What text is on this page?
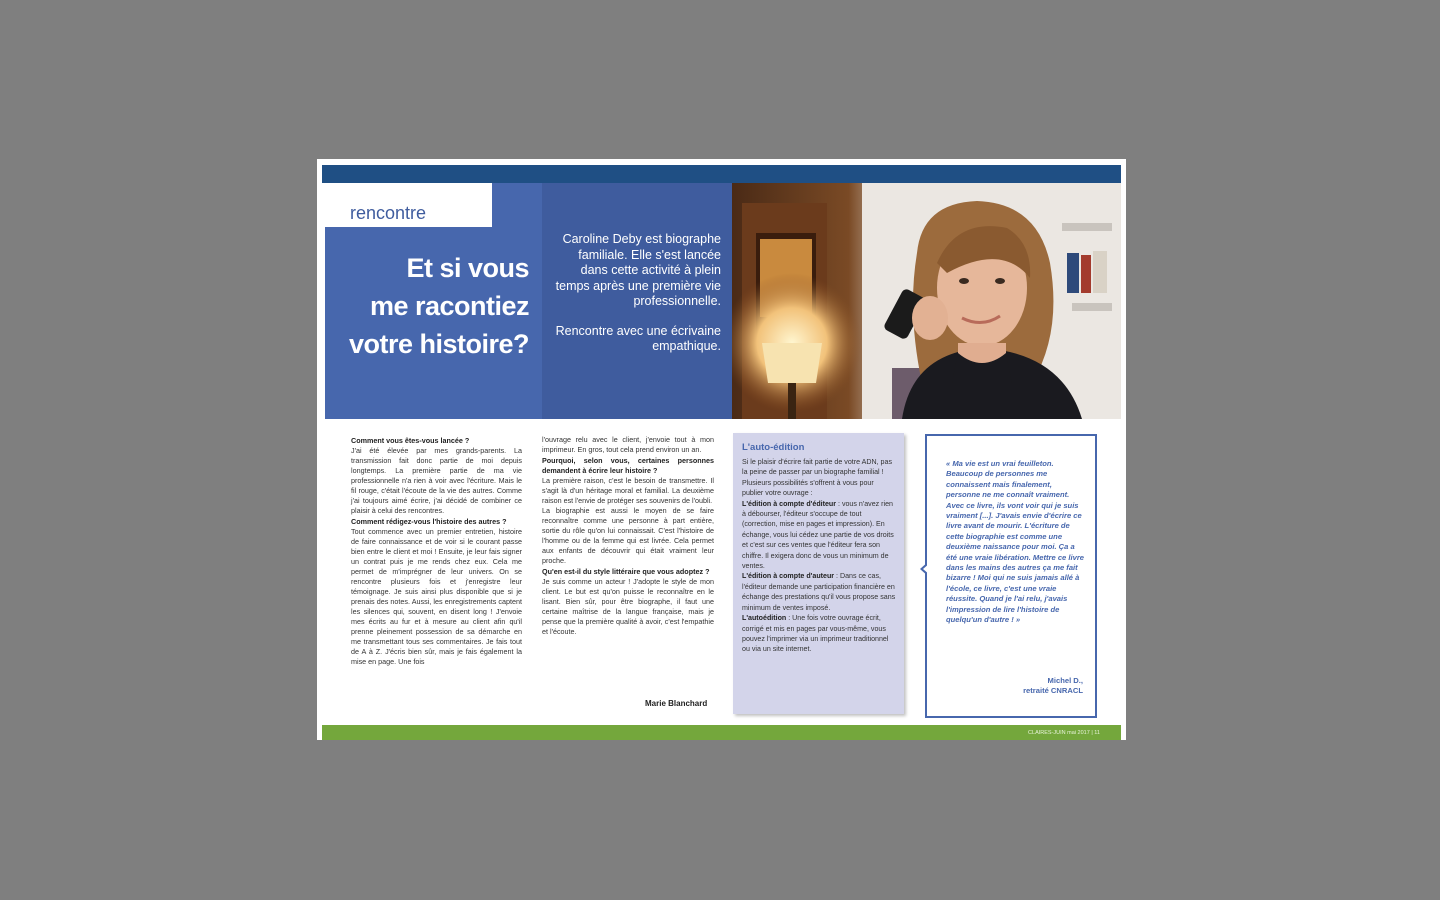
rencontre
Et si vous
me racontiez
votre histoire?

Caroline Deby est biographe familiale. Elle s'est lancée dans cette activité à plein temps après une première vie professionnelle.

Rencontre avec une écrivaine empathique.

Comment vous êtes-vous lancée ?

J'ai été élevée par mes grands-parents. La transmission fait donc partie de moi depuis longtemps. La première partie de ma vie professionnelle n'a rien à voir avec l'écriture. Mais le fil rouge, c'était l'écoute de la vie des autres. Comme j'ai toujours aimé écrire, j'ai décidé de combiner ce plaisir à celui des rencontres.

Comment rédigez-vous l'histoire des autres ?

Tout commence avec un premier entretien, histoire de faire connaissance et de voir si le courant passe bien entre le client et moi ! Ensuite, je leur fais signer un contrat puis je me rends chez eux. Cela me permet de m'imprégner de leur univers. On se rencontre plusieurs fois et j'enregistre leur témoignage. Je suis ainsi plus disponible que si je prenais des notes. Aussi, les enregistrements captent les silences qui, souvent, en disent long ! J'envoie mes écrits au fur et à mesure au client afin qu'il prenne pleinement possession de sa démarche en me transmettant tous ses commentaires. Je fais tout de A à Z. J'écris bien sûr, mais je fais également la mise en page. Une fois

l'ouvrage relu avec le client, j'envoie tout à mon imprimeur. En gros, tout cela prend environ un an.

Pourquoi, selon vous, certaines personnes demandent à écrire leur histoire ?

La première raison, c'est le besoin de transmettre. Il s'agit là d'un héritage moral et familial. La deuxième raison est l'envie de protéger ses souvenirs de l'oubli.

La biographie est aussi le moyen de se faire reconnaître comme une personne à part entière, sortie du rôle qu'on lui connaissait. C'est l'histoire de l'homme ou de la femme qui est livrée. Cela permet aux enfants de découvrir qui était vraiment leur proche.

Qu'en est-il du style littéraire que vous adoptez ?

Je suis comme un acteur ! J'adopte le style de mon client. Le but est qu'on puisse le reconnaître en le lisant. Bien sûr, pour être biographe, il faut une certaine maîtrise de la langue française, mais je pense que la première qualité à avoir, c'est l'empathie et l'écoute.

Marie Blanchard
L'auto-édition

Si le plaisir d'écrire fait partie de votre ADN, pas la peine de passer par un biographe familial ! Plusieurs possibilités s'offrent à vous pour publier votre ouvrage :

L'édition à compte d'éditeur : vous n'avez rien à débourser, l'éditeur s'occupe de tout (correction, mise en pages et impression). En échange, vous lui cédez une partie de vos droits et c'est sur ces ventes que l'éditeur fera son chiffre. Il exigera donc de vous un minimum de ventes.

L'édition à compte d'auteur : Dans ce cas, l'éditeur demande une participation financière en échange des prestations qu'il vous propose sans minimum de ventes imposé.

L'autoédition : Une fois votre ouvrage écrit, corrigé et mis en pages par vous-même, vous pouvez l'imprimer via un imprimeur traditionnel ou via un site internet.

« Ma vie est un vrai feuilleton. Beaucoup de personnes me connaissent mais finalement, personne ne me connaît vraiment. Avec ce livre, ils vont voir qui je suis vraiment [...]. J'avais envie d'écrire ce livre avant de mourir. L'écriture de cette biographie est comme une deuxième naissance pour moi. Ça a été une vraie libération. Mettre ce livre dans les mains des autres ça me fait bizarre ! Moi qui ne suis jamais allé à l'école, ce livre, c'est une vraie réussite. Quand je l'ai relu, j'avais l'impression de lire l'histoire de quelqu'un d'autre ! »
Michel D.,
retraité CNRACL
CLAIRES-JUIN mai 2017 | 11
